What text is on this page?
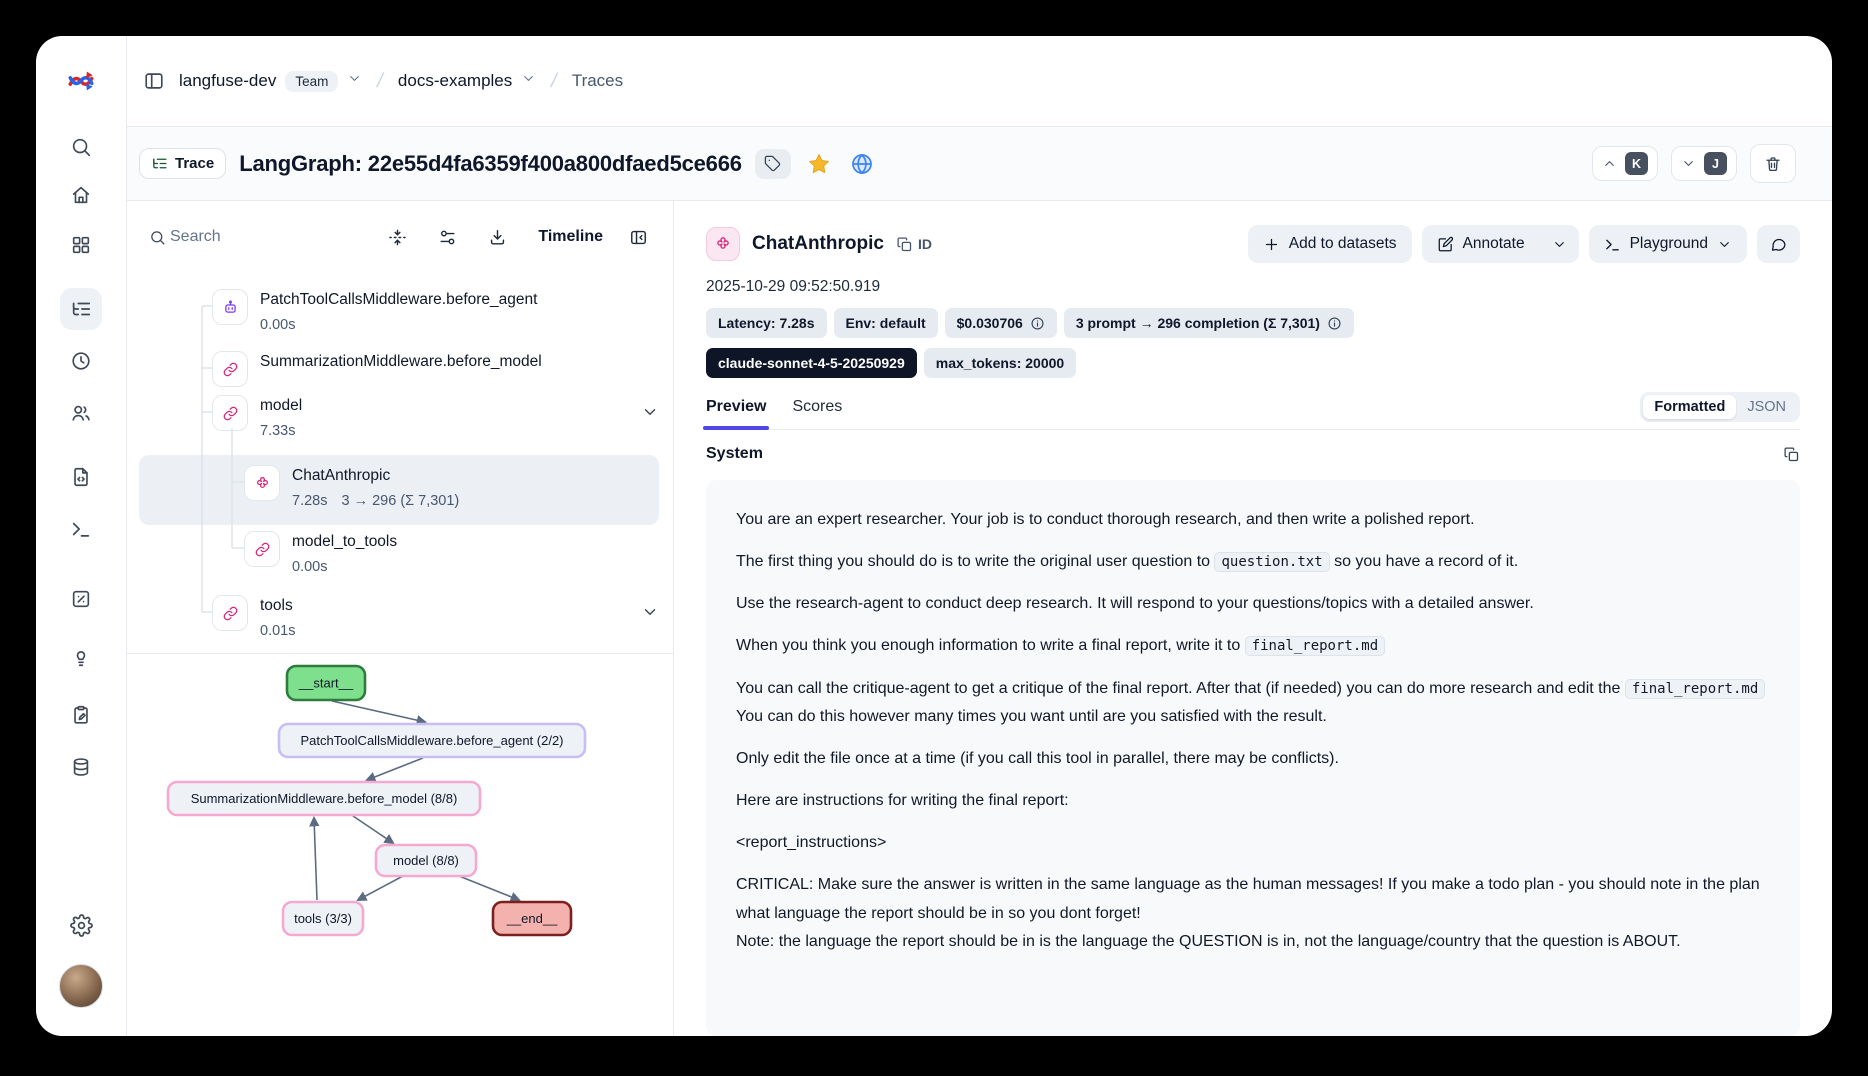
langfuse-dev	Team	/ docs-examples	/ Traces
Trace LangGraph: 22e55d4fa6359f400a800dfaed5ce666	K	J
Search
Timeline
PatchToolCallsMiddleware.before_agent
0.00s
SummarizationMiddleware.before_model
model
7.33s
ChatAnthropic
7.28s 3 → 296 (Σ 7,301)
model_to_tools
0.00s
tools
0.01s
__start__
PatchToolCallsMiddleware.before_agent (2/2)
SummarizationMiddleware.before_model (8/8)
model (8/8)
tools (3/3)	__end__
ChatAnthropic ID	Add to datasets	Annotate	Playground
2025-10-29 09:52:50.919
Latency: 7.28s Env: default $0.030706	3 prompt → 296 completion (Σ 7,301)
claude-sonnet-4-5-20250929	max_tokens: 20000
Preview Scores	Formatted	JSON
System

You are an expert researcher. Your job is to conduct thorough research, and then write a polished report.

The first thing you should do is to write the original user question to question.txt so you have a record of it.

Use the research-agent to conduct deep research. It will respond to your questions/topics with a detailed answer.

When you think you enough information to write a final report, write it to final_report.md

You can call the critique-agent to get a critique of the final report. After that (if needed) you can do more research and edit the final_report.md
You can do this however many times you want until are you satisfied with the result.

Only edit the file once at a time (if you call this tool in parallel, there may be conflicts).

Here are instructions for writing the final report:

<report_instructions>

CRITICAL: Make sure the answer is written in the same language as the human messages! If you make a todo plan - you should note in the plan what language the report should be in so you dont forget!
Note: the language the report should be in is the language the QUESTION is in, not the language/country that the question is ABOUT.
